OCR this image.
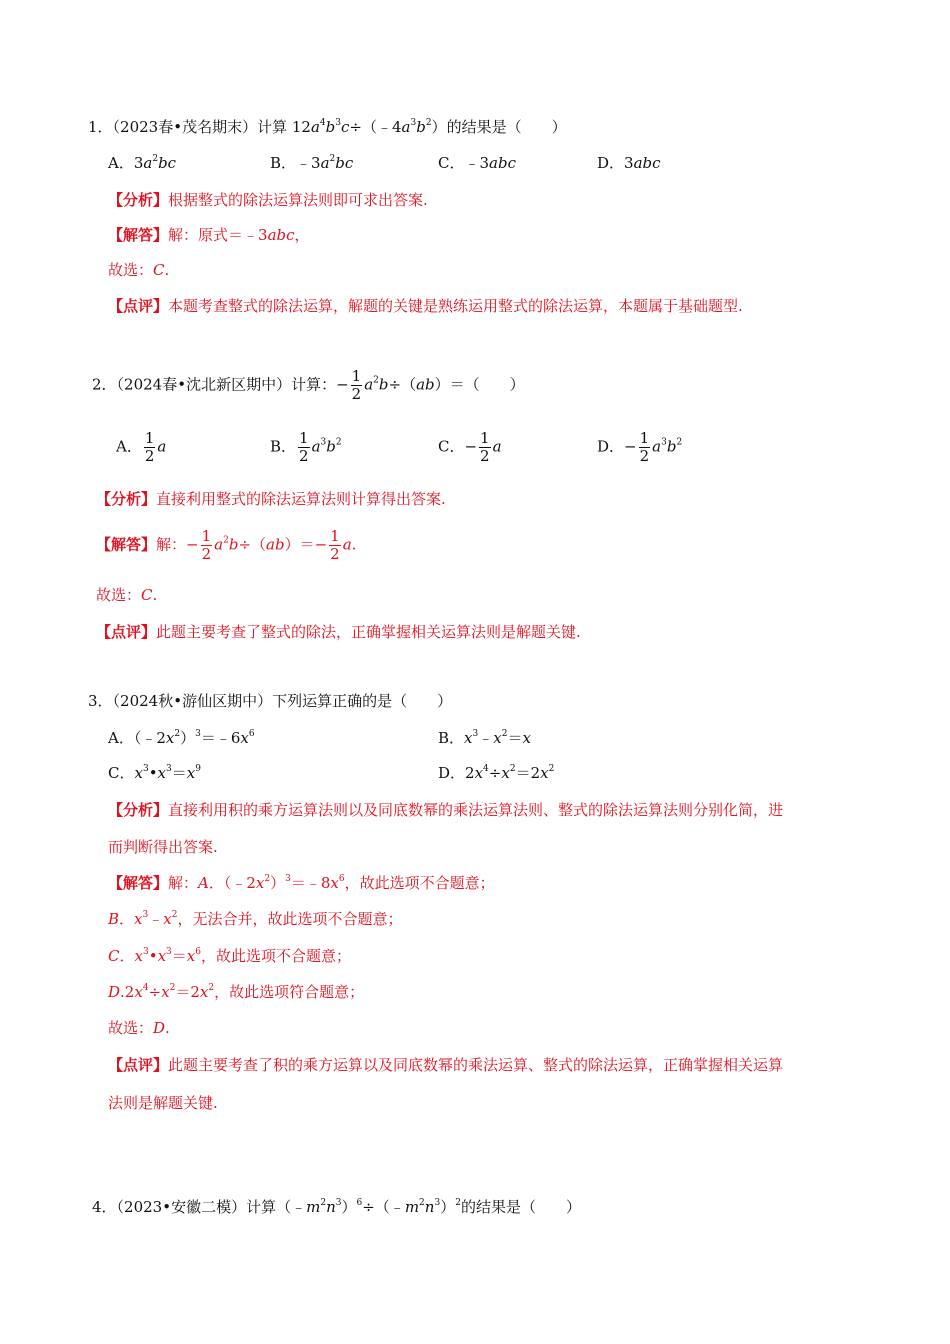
1．（2023春•茂名期末）计算 $12a^4b^3c\div(﹣4a^3b^2)$的结果是（　　）
A．$3a^2bc$	B．$﹣3a^2bc$	C．﹣3abc	D．3abc
【分析】根据整式的除法运算法则即可求出答案.
【解答】解：原式＝﹣3abc，
故选：C.
【点评】本题考查整式的除法运算，解题的关键是熟练运用整式的除法运算，本题属于基础题型.
2．（2024春•沈北新区期中）计算：− $\frac{1}{2} a^2b\div(ab)=$（　　）
A． $\frac{1}{2}$ a	B． $\frac{1}{2} a^3b^2$	C．− $\frac{1}{2}$ a	D．− $\frac{1}{2} a^3b^2$
【分析】直接利用整式的除法运算法则计算得出答案.
【解答】解：− $\frac{1}{2} a^2b\div(ab)=- \frac{1}{2} a$.
故选：C.
【点评】此题主要考查了整式的除法，正确掌握相关运算法则是解题关键.
3．（2024秋•游仙区期中）下列运算正确的是（　　）
A．$(﹣2x^2)^3=﹣6x^6$	B．$x^3﹣x^2=x$
C．$x^3•x^3=x^9$	D．$2x^4\div x^2=2x^2$
【分析】直接利用积的乘方运算法则以及同底数幂的乘法运算法则、整式的除法运算法则分别化简，进
而判断得出答案.
【解答】解：A．$(﹣2x^2)^3=﹣8x^6$，故此选项不合题意；
B．$x^3﹣x^2$，无法合并，故此选项不合题意；
C．$x^3•x^3=x^6$，故此选项不合题意；
$D.2x^4\div x^2=2x^2$，故此选项符合题意；
故选：D.
【点评】此题主要考查了积的乘方运算以及同底数幂的乘法运算、整式的除法运算，正确掌握相关运算
法则是解题关键.
4．（2023•安徽二模）计算$(﹣m^2n^3)^6\div(﹣m^2n^3)^2$的结果是（　　）
